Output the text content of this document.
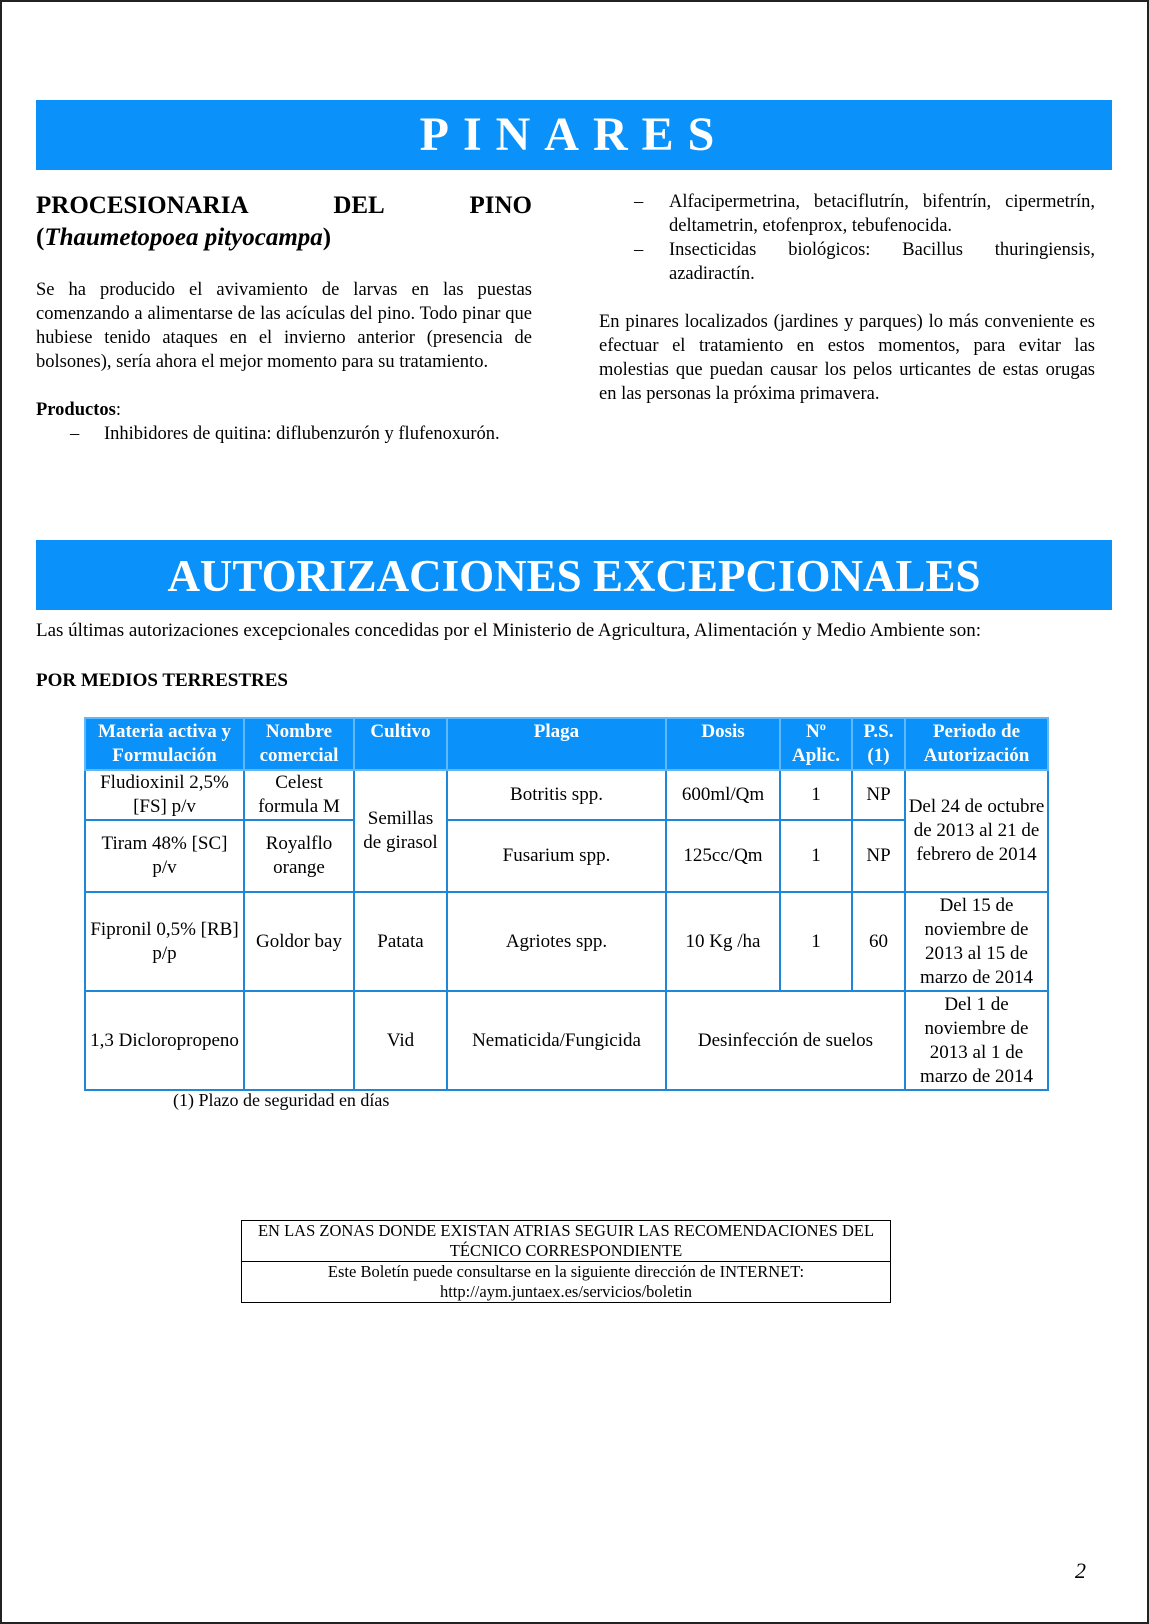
PINARES
PROCESIONARIA	DEL	PINO
(Thaumetopoea pityocampa)

Se ha producido el avivamiento de larvas en las puestas comenzando a alimentarse de las acículas del pino. Todo pinar que hubiese tenido ataques en el invierno anterior (presencia de bolsones), sería ahora el mejor momento para su tratamiento.

Productos:

– Inhibidores de quitina: diflubenzurón y flufenoxurón.
– Alfacipermetrina, betaciflutrín, bifentrín, cipermetrín, deltametrin, etofenprox, tebufenocida.
– Insecticidas biológicos: Bacillus thuringiensis, azadiractín.

En pinares localizados (jardines y parques) lo más conveniente es efectuar el tratamiento en estos momentos, para evitar las molestias que puedan causar los pelos urticantes de estas orugas en las personas la próxima primavera.

AUTORIZACIONES EXCEPCIONALES
Las últimas autorizaciones excepcionales concedidas por el Ministerio de Agricultura, Alimentación y Medio Ambiente son:
POR MEDIOS TERRESTRES
Materia activa y Formulación	Nombre comercial	Cultivo	Plaga	Dosis	Nº Aplic.	P.S. (1)	Periodo de Autorización
Fludioxinil 2,5%[FS] p/v	Celest formula M	Semillas de girasol	Botritis spp.	600ml/Qm	1	NP	Del 24 de octubre de 2013 al 21 de febrero de 2014
Tiram 48% [SC] p/v	Royalflo orange		Fusarium spp.	125cc/Qm	1	NP	
Fipronil 0,5% [RB] p/p	Goldor bay	Patata	Agriotes spp.	10 Kg /ha	1	60	Del 15 de noviembre de 2013 al 15 de marzo de 2014
1,3 Dicloropropeno		Vid	Nematicida/Fungicida	Desinfección de suelos			Del 1 de noviembre de 2013 al 1 de marzo de 2014
(1) Plazo de seguridad en días
EN LAS ZONAS DONDE EXISTAN ATRIAS SEGUIR LAS RECOMENDACIONES DEL TÉCNICO CORRESPONDIENTE
Este Boletín puede consultarse en la siguiente dirección de INTERNET:
http://aym.juntaex.es/servicios/boletin
2
